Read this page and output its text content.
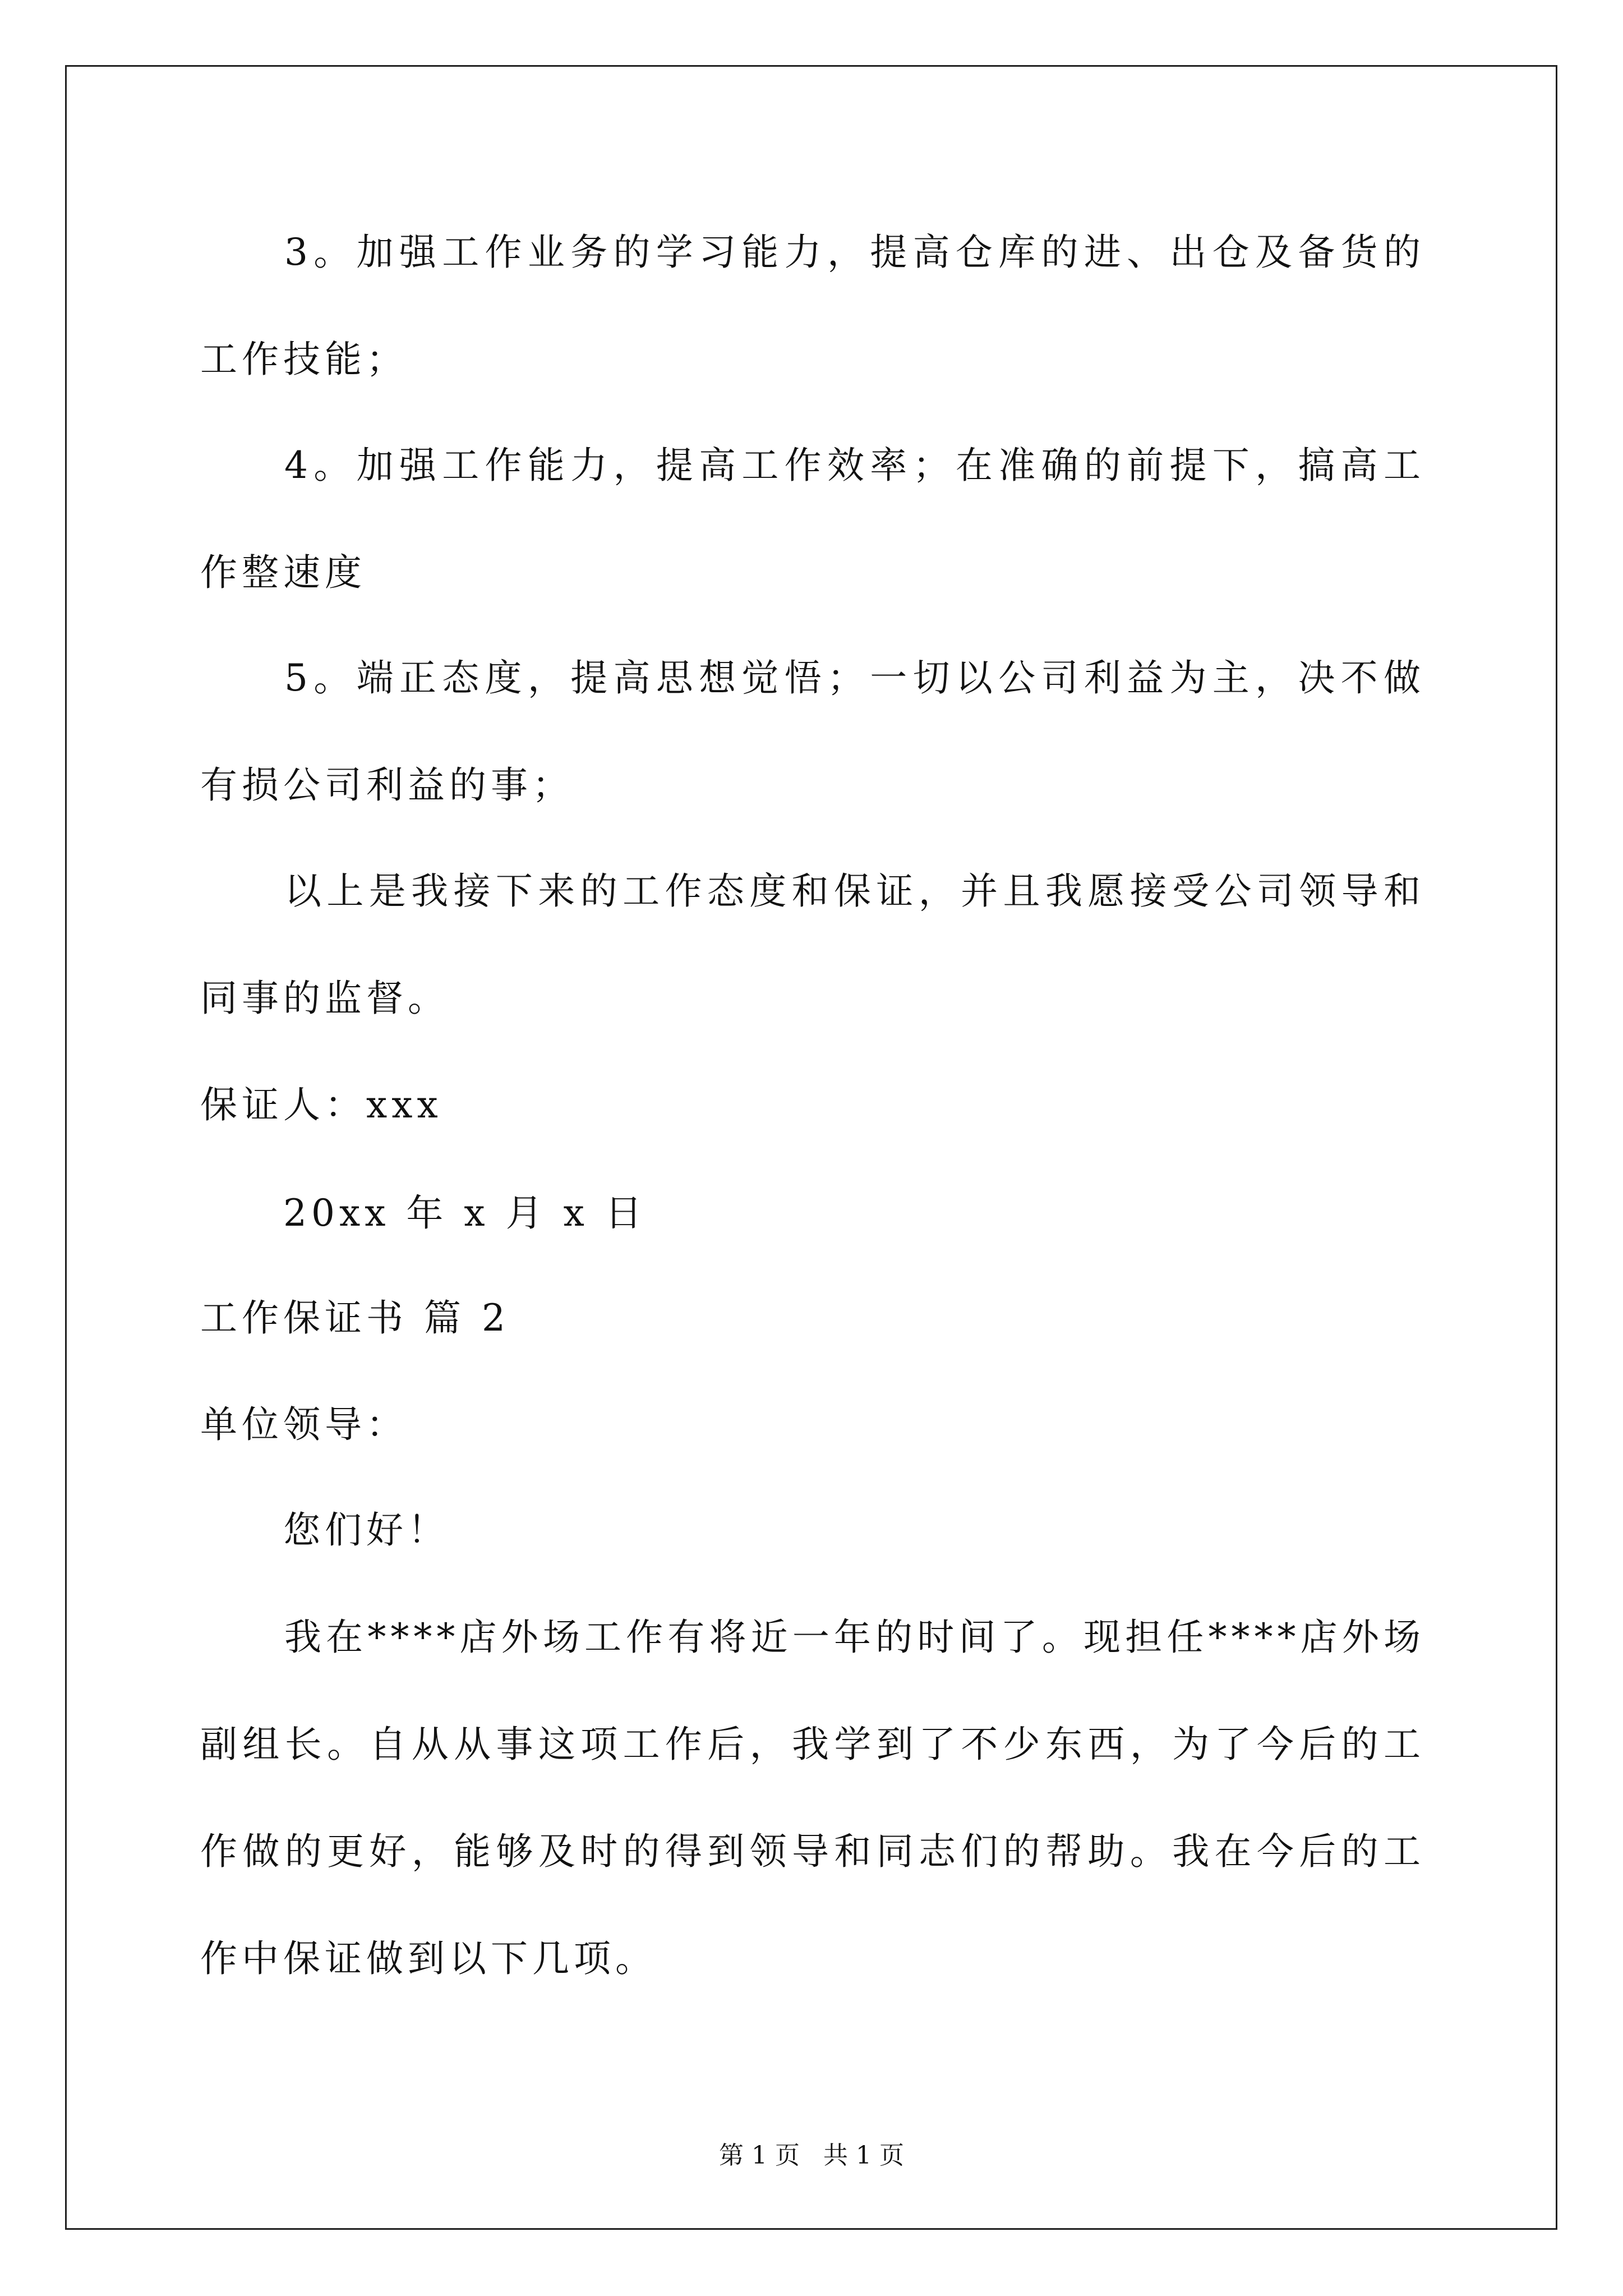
3。加强工作业务的学习能力，提高仓库的进、出仓及备货的工作技能；

4。加强工作能力，提高工作效率；在准确的前提下，搞高工作整速度

5。端正态度，提高思想觉悟；一切以公司利益为主，决不做有损公司利益的事；

以上是我接下来的工作态度和保证，并且我愿接受公司领导和同事的监督。

保证人：xxx

20xx 年 x 月 x 日

工作保证书 篇 2

单位领导：

您们好！

我在****店外场工作有将近一年的时间了。现担任****店外场副组长。自从从事这项工作后，我学到了不少东西，为了今后的工作做的更好，能够及时的得到领导和同志们的帮助。我在今后的工作中保证做到以下几项。

第 1 页   共 1 页
